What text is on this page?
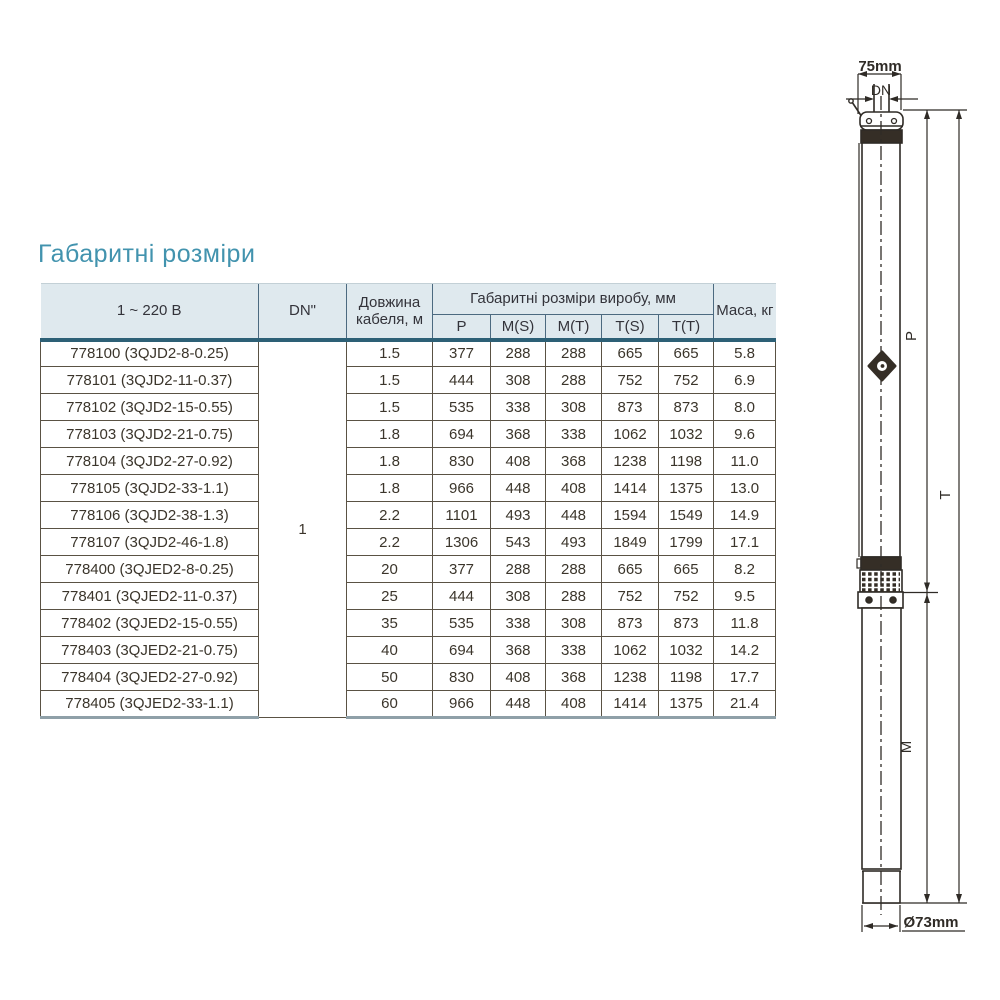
Габаритні розміри
1 ~ 220 В	DN"	Довжина кабеля, м	Габаритні розміри виробу, мм					Маса, кг
			P	M(S)	M(T)	T(S)	T(T)	
778100 (3QJD2-8-0.25)	1	1.5	377	288	288	665	665	5.8
778101 (3QJD2-11-0.37)		1.5	444	308	288	752	752	6.9
778102 (3QJD2-15-0.55)		1.5	535	338	308	873	873	8.0
778103 (3QJD2-21-0.75)		1.8	694	368	338	1062	1032	9.6
778104 (3QJD2-27-0.92)		1.8	830	408	368	1238	1198	11.0
778105 (3QJD2-33-1.1)		1.8	966	448	408	1414	1375	13.0
778106 (3QJD2-38-1.3)		2.2	1101	493	448	1594	1549	14.9
778107 (3QJD2-46-1.8)		2.2	1306	543	493	1849	1799	17.1
778400 (3QJED2-8-0.25)		20	377	288	288	665	665	8.2
778401 (3QJED2-11-0.37)		25	444	308	288	752	752	9.5
778402 (3QJED2-15-0.55)		35	535	338	308	873	873	11.8
778403 (3QJED2-21-0.75)		40	694	368	338	1062	1032	14.2
778404 (3QJED2-27-0.92)		50	830	408	368	1238	1198	17.7
778405 (3QJED2-33-1.1)		60	966	448	408	1414	1375	21.4
75mm
DN
P
T
M
Ø73mm
